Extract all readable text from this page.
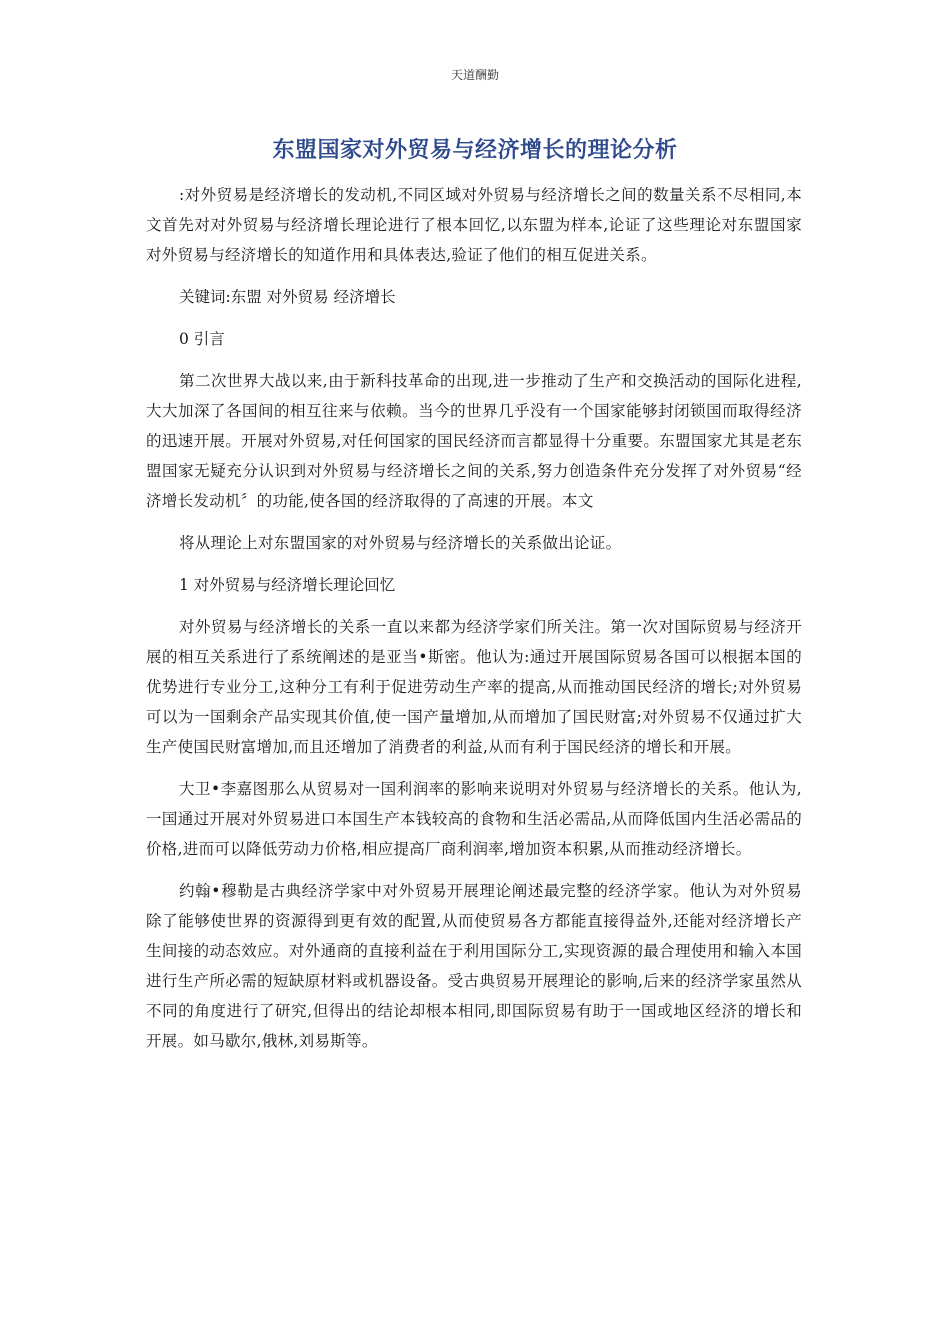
天道酬勤
东盟国家对外贸易与经济增长的理论分析

:对外贸易是经济增长的发动机,不同区域对外贸易与经济增长之间的数量关系不尽相同,本文首先对对外贸易与经济增长理论进行了根本回忆,以东盟为样本,论证了这些理论对东盟国家对外贸易与经济增长的知道作用和具体表达,验证了他们的相互促进关系。

关键词:东盟 对外贸易 经济增长

0 引言

第二次世界大战以来,由于新科技革命的出现,进一步推动了生产和交换活动的国际化进程,大大加深了各国间的相互往来与依赖。当今的世界几乎没有一个国家能够封闭锁国而取得经济的迅速开展。开展对外贸易,对任何国家的国民经济而言都显得十分重要。东盟国家尤其是老东盟国家无疑充分认识到对外贸易与经济增长之间的关系,努力创造条件充分发挥了对外贸易“经济增长发动机〞的功能,使各国的经济取得的了高速的开展。本文

将从理论上对东盟国家的对外贸易与经济增长的关系做出论证。

1 对外贸易与经济增长理论回忆

对外贸易与经济增长的关系一直以来都为经济学家们所关注。第一次对国际贸易与经济开展的相互关系进行了系统阐述的是亚当•斯密。他认为:通过开展国际贸易各国可以根据本国的优势进行专业分工,这种分工有利于促进劳动生产率的提高,从而推动国民经济的增长;对外贸易可以为一国剩余产品实现其价值,使一国产量增加,从而增加了国民财富;对外贸易不仅通过扩大生产使国民财富增加,而且还增加了消费者的利益,从而有利于国民经济的增长和开展。

大卫•李嘉图那么从贸易对一国利润率的影响来说明对外贸易与经济增长的关系。他认为,一国通过开展对外贸易进口本国生产本钱较高的食物和生活必需品,从而降低国内生活必需品的价格,进而可以降低劳动力价格,相应提高厂商利润率,增加资本积累,从而推动经济增长。

约翰•穆勒是古典经济学家中对外贸易开展理论阐述最完整的经济学家。他认为对外贸易除了能够使世界的资源得到更有效的配置,从而使贸易各方都能直接得益外,还能对经济增长产生间接的动态效应。对外通商的直接利益在于利用国际分工,实现资源的最合理使用和输入本国进行生产所必需的短缺原材料或机器设备。受古典贸易开展理论的影响,后来的经济学家虽然从不同的角度进行了研究,但得出的结论却根本相同,即国际贸易有助于一国或地区经济的增长和开展。如马歇尔,俄林,刘易斯等。
